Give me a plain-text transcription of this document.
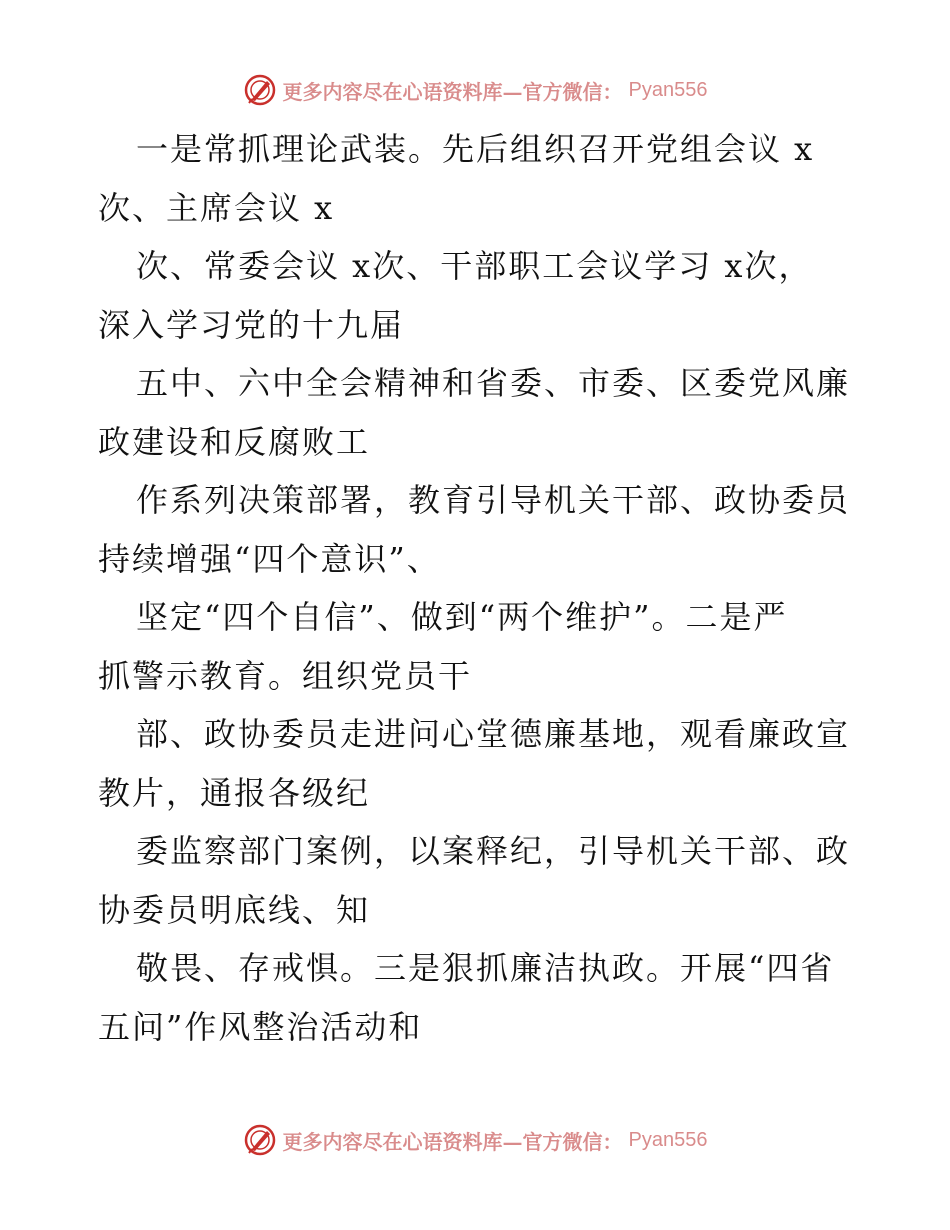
更多内容尽在心语资料库—官方微信： Pyan556
一是常抓理论武装。先后组织召开党组会议 x
次、主席会议 x
次、常委会议 x次、干部职工会议学习 x次，
深入学习党的十九届
五中、六中全会精神和省委、市委、区委党风廉
政建设和反腐败工
作系列决策部署，教育引导机关干部、政协委员
持续增强“四个意识”、
坚定“四个自信”、做到“两个维护”。二是严
抓警示教育。组织党员干
部、政协委员走进问心堂德廉基地，观看廉政宣
教片，通报各级纪
委监察部门案例，以案释纪，引导机关干部、政
协委员明底线、知
敬畏、存戒惧。三是狠抓廉洁执政。开展“四省
五问”作风整治活动和
更多内容尽在心语资料库—官方微信： Pyan556
